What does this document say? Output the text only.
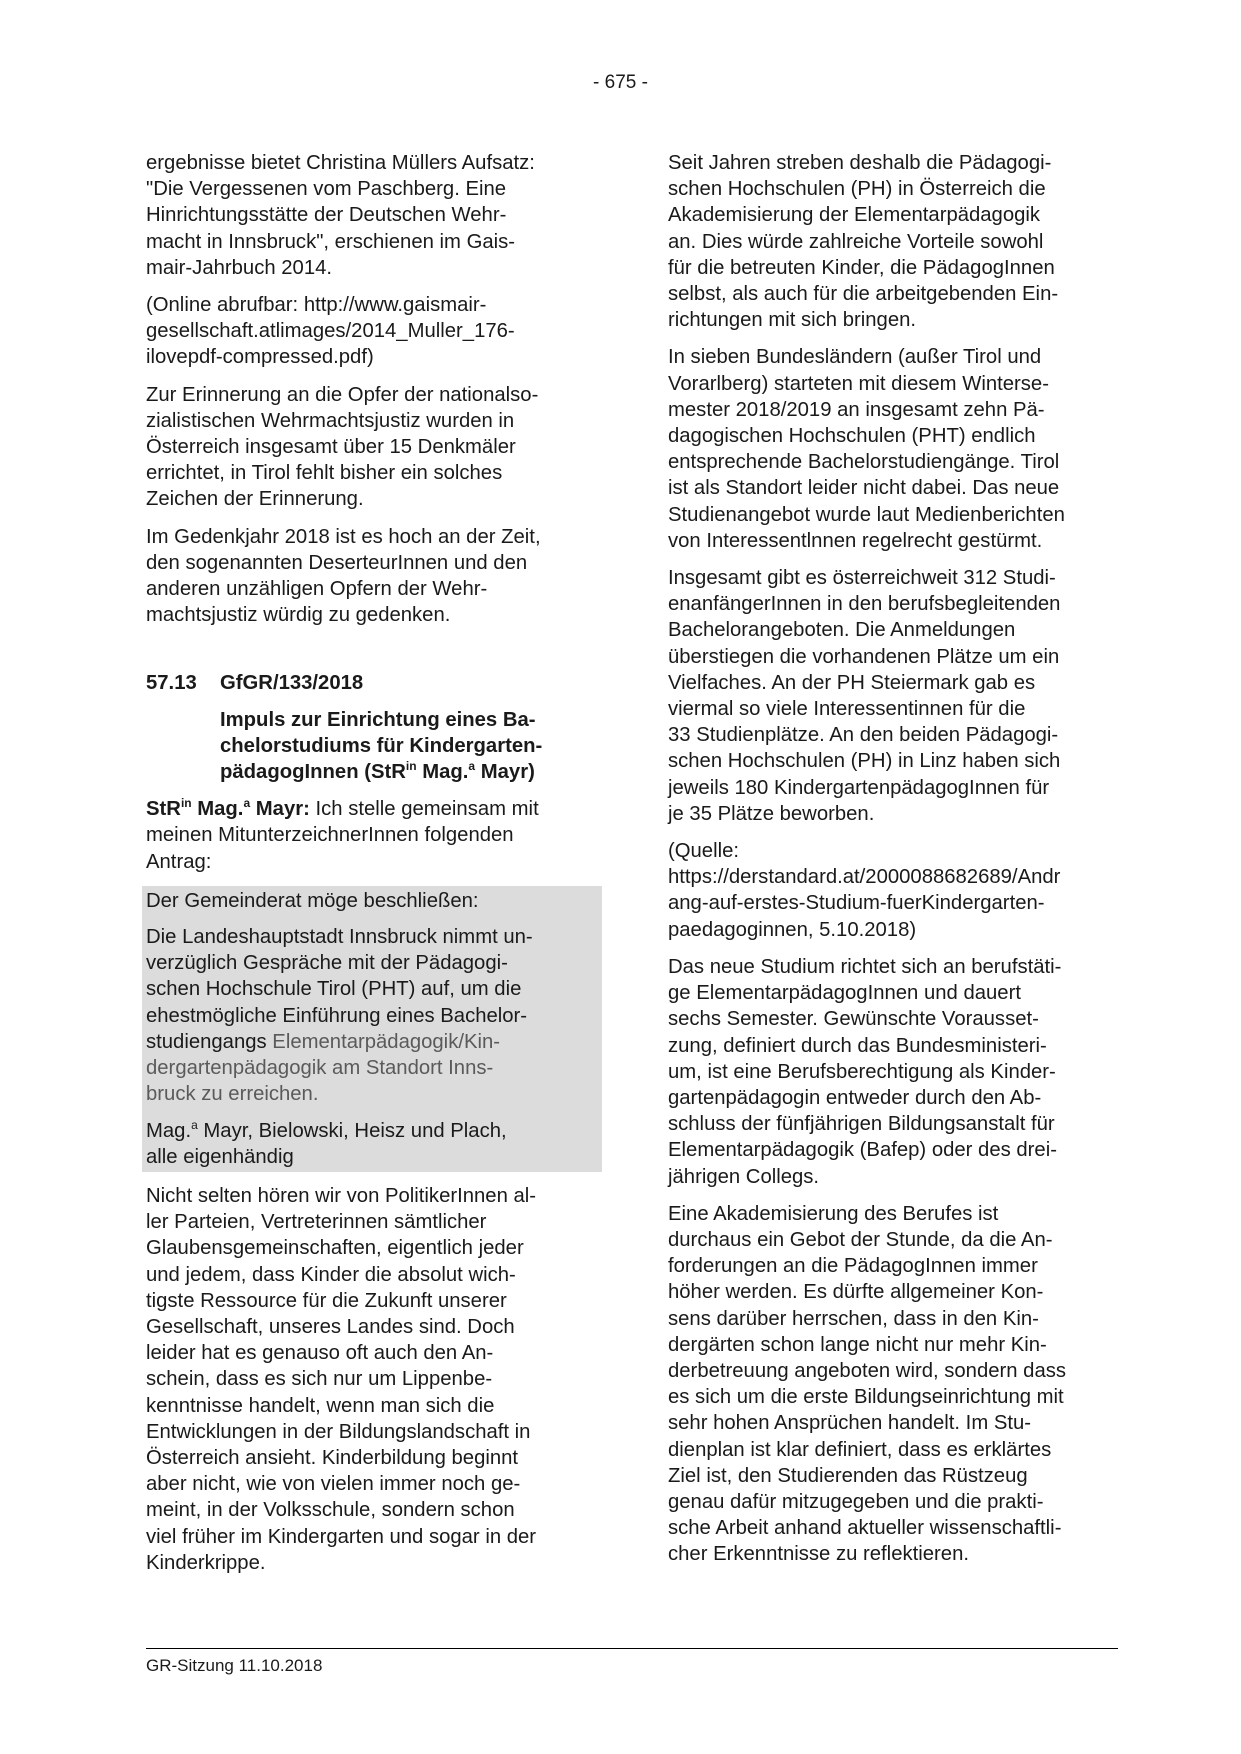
- 675 -

ergebnisse bietet Christina Müllers Aufsatz:
"Die Vergessenen vom Paschberg. Eine
Hinrichtungsstätte der Deutschen Wehr-
macht in Innsbruck", erschienen im Gais-
mair-Jahrbuch 2014.

(Online abrufbar: http://www.gaismair-
gesellschaft.atlimages/2014_Muller_176-
ilovepdf-compressed.pdf)

Zur Erinnerung an die Opfer der nationalso-
zialistischen Wehrmachtsjustiz wurden in
Österreich insgesamt über 15 Denkmäler
errichtet, in Tirol fehlt bisher ein solches
Zeichen der Erinnerung.

Im Gedenkjahr 2018 ist es hoch an der Zeit,
den sogenannten DeserteurInnen und den
anderen unzähligen Opfern der Wehr-
machtsjustiz würdig zu gedenken.

57.13	GfGR/133/2018
Impuls zur Einrichtung eines Ba-
chelorstudiums für Kindergarten-
pädagogInnen (StR$^{in}$ Mag.$^a$ Mayr)

StR$^{in}$ Mag.$^a$ Mayr: Ich stelle gemeinsam mit
meinen MitunterzeichnerInnen folgenden
Antrag:

Der Gemeinderat möge beschließen:

Die Landeshauptstadt Innsbruck nimmt un-
verzüglich Gespräche mit der Pädagogi-
schen Hochschule Tirol (PHT) auf, um die
ehestmögliche Einführung eines Bachelor-
studiengangs Elementarpädagogik/Kin-
dergartenpädagogik am Standort Inns-
bruck zu erreichen.

Mag.$^a$ Mayr, Bielowski, Heisz und Plach,
alle eigenhändig

Nicht selten hören wir von PolitikerInnen al-
ler Parteien, Vertreterinnen sämtlicher
Glaubensgemeinschaften, eigentlich jeder
und jedem, dass Kinder die absolut wich-
tigste Ressource für die Zukunft unserer
Gesellschaft, unseres Landes sind. Doch
leider hat es genauso oft auch den An-
schein, dass es sich nur um Lippenbe-
kenntnisse handelt, wenn man sich die
Entwicklungen in der Bildungslandschaft in
Österreich ansieht. Kinderbildung beginnt
aber nicht, wie von vielen immer noch ge-
meint, in der Volksschule, sondern schon
viel früher im Kindergarten und sogar in der
Kinderkrippe.

Seit Jahren streben deshalb die Pädagogi-
schen Hochschulen (PH) in Österreich die
Akademisierung der Elementarpädagogik
an. Dies würde zahlreiche Vorteile sowohl
für die betreuten Kinder, die PädagogInnen
selbst, als auch für die arbeitgebenden Ein-
richtungen mit sich bringen.

In sieben Bundesländern (außer Tirol und
Vorarlberg) starteten mit diesem Winterse-
mester 2018/2019 an insgesamt zehn Pä-
dagogischen Hochschulen (PHT) endlich
entsprechende Bachelorstudiengänge. Tirol
ist als Standort leider nicht dabei. Das neue
Studienangebot wurde laut Medienberichten
von Interessentlnnen regelrecht gestürmt.

Insgesamt gibt es österreichweit 312 Studi-
enanfängerInnen in den berufsbegleitenden
Bachelorangeboten. Die Anmeldungen
überstiegen die vorhandenen Plätze um ein
Vielfaches. An der PH Steiermark gab es
viermal so viele Interessentinnen für die
33 Studienplätze. An den beiden Pädagogi-
schen Hochschulen (PH) in Linz haben sich
jeweils 180 KindergartenpädagogInnen für
je 35 Plätze beworben.

(Quelle:
https://derstandard.at/2000088682689/Andr
ang-auf-erstes-Studium-fuerKindergarten-
paedagoginnen, 5.10.2018)

Das neue Studium richtet sich an berufstäti-
ge ElementarpädagogInnen und dauert
sechs Semester. Gewünschte Vorausset-
zung, definiert durch das Bundesministeri-
um, ist eine Berufsberechtigung als Kinder-
gartenpädagogin entweder durch den Ab-
schluss der fünfjährigen Bildungsanstalt für
Elementarpädagogik (Bafep) oder des drei-
jährigen Collegs.

Eine Akademisierung des Berufes ist
durchaus ein Gebot der Stunde, da die An-
forderungen an die PädagogInnen immer
höher werden. Es dürfte allgemeiner Kon-
sens darüber herrschen, dass in den Kin-
dergärten schon lange nicht nur mehr Kin-
derbetreuung angeboten wird, sondern dass
es sich um die erste Bildungseinrichtung mit
sehr hohen Ansprüchen handelt. Im Stu-
dienplan ist klar definiert, dass es erklärtes
Ziel ist, den Studierenden das Rüstzeug
genau dafür mitzugegeben und die prakti-
sche Arbeit anhand aktueller wissenschaftli-
cher Erkenntnisse zu reflektieren.

GR-Sitzung 11.10.2018
